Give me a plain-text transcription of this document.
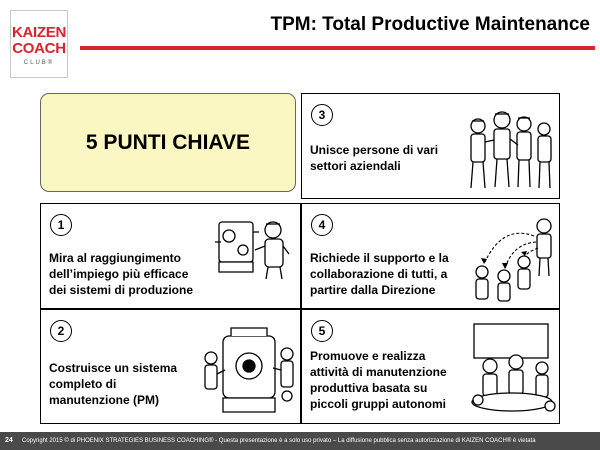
KAIZEN
COACH
CLUB®
TPM: Total Productive Maintenance
5 PUNTI CHIAVE
3
Unisce persone di vari
settori aziendali
1
Mira al raggiungimento
dell’impiego più efficace
dei sistemi di produzione
4
Richiede il supporto e la
collaborazione di tutti, a
partire dalla Direzione
2
Costruisce un sistema
completo di
manutenzione (PM)
5
Promuove e realizza
attività di manutenzione
produttiva basata su
piccoli gruppi autonomi
24 Copyright 2015 © di PHOENIX STRATEGIES BUSINESS COACHING® - Questa presentazione è a solo uso privato – La diffusione pubblica senza autorizzazione di KAIZEN COACH® è vietata
